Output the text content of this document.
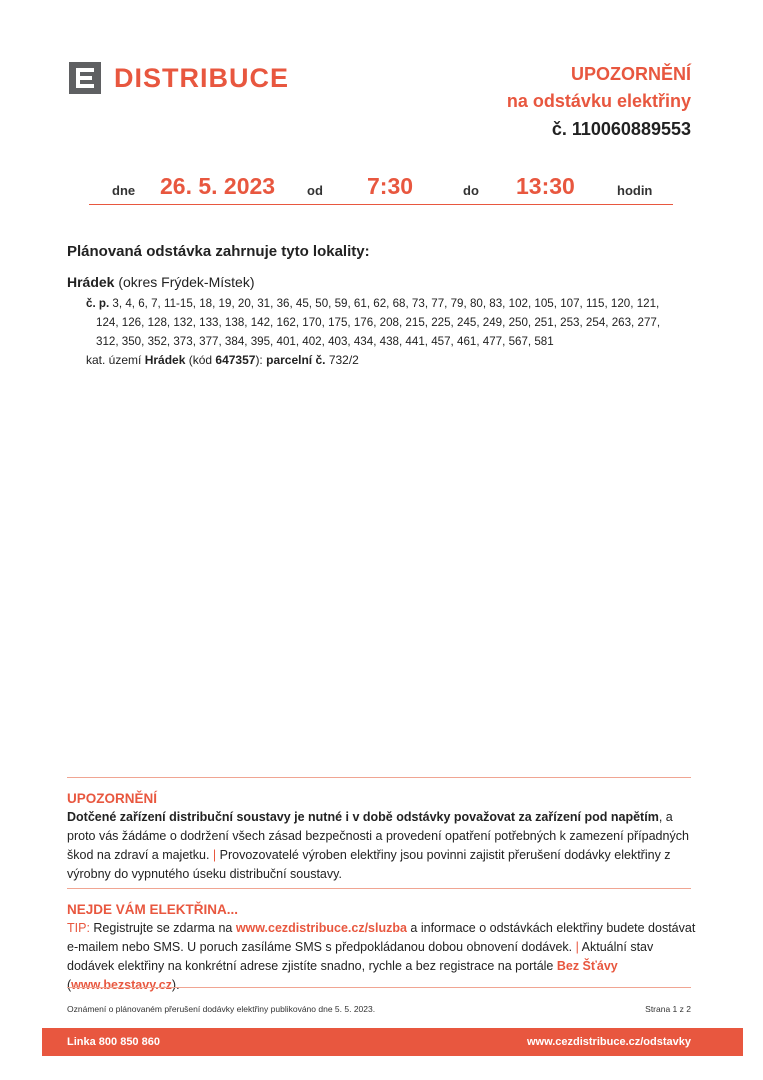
DISTRIBUCE	UPOZORNĚNÍ
na odstávku elektřiny
č. 110060889553
dne 26. 5. 2023 od 7:30	do 13:30	hodin
Plánovaná odstávka zahrnuje tyto lokality:
Hrádek (okres Frýdek-Místek)
č. p. 3, 4, 6, 7, 11-15, 18, 19, 20, 31, 36, 45, 50, 59, 61, 62, 68, 73, 77, 79, 80, 83, 102, 105, 107, 115, 120, 121,
124, 126, 128, 132, 133, 138, 142, 162, 170, 175, 176, 208, 215, 225, 245, 249, 250, 251, 253, 254, 263, 277,
312, 350, 352, 373, 377, 384, 395, 401, 402, 403, 434, 438, 441, 457, 461, 477, 567, 581
kat. území Hrádek (kód 647357): parcelní č. 732/2
UPOZORNĚNÍ
Dotčené zařízení distribuční soustavy je nutné i v době odstávky považovat za zařízení pod napětím, a proto vás žádáme o dodržení všech zásad bezpečnosti a provedení opatření potřebných k zamezení případných škod na zdraví a majetku. | Provozovatelé výroben elektřiny jsou povinni zajistit přerušení dodávky elektřiny z výrobny do vypnutého úseku distribuční soustavy.
NEJDE VÁM ELEKTŘINA...
TIP: Registrujte se zdarma na www.cezdistribuce.cz/sluzba a informace o odstávkách elektřiny budete dostávat e-mailem nebo SMS. U poruch zasíláme SMS s předpokládanou dobou obnovení dodávek. | Aktuální stav dodávek elektřiny na konkrétní adrese zjistíte snadno, rychle a bez registrace na portále Bez Šťávy (www.bezstavy.cz).
Oznámení o plánovaném přerušení dodávky elektřiny publikováno dne 5. 5. 2023.	Strana 1 z 2
Linka 800 850 860	www.cezdistribuce.cz/odstavky
